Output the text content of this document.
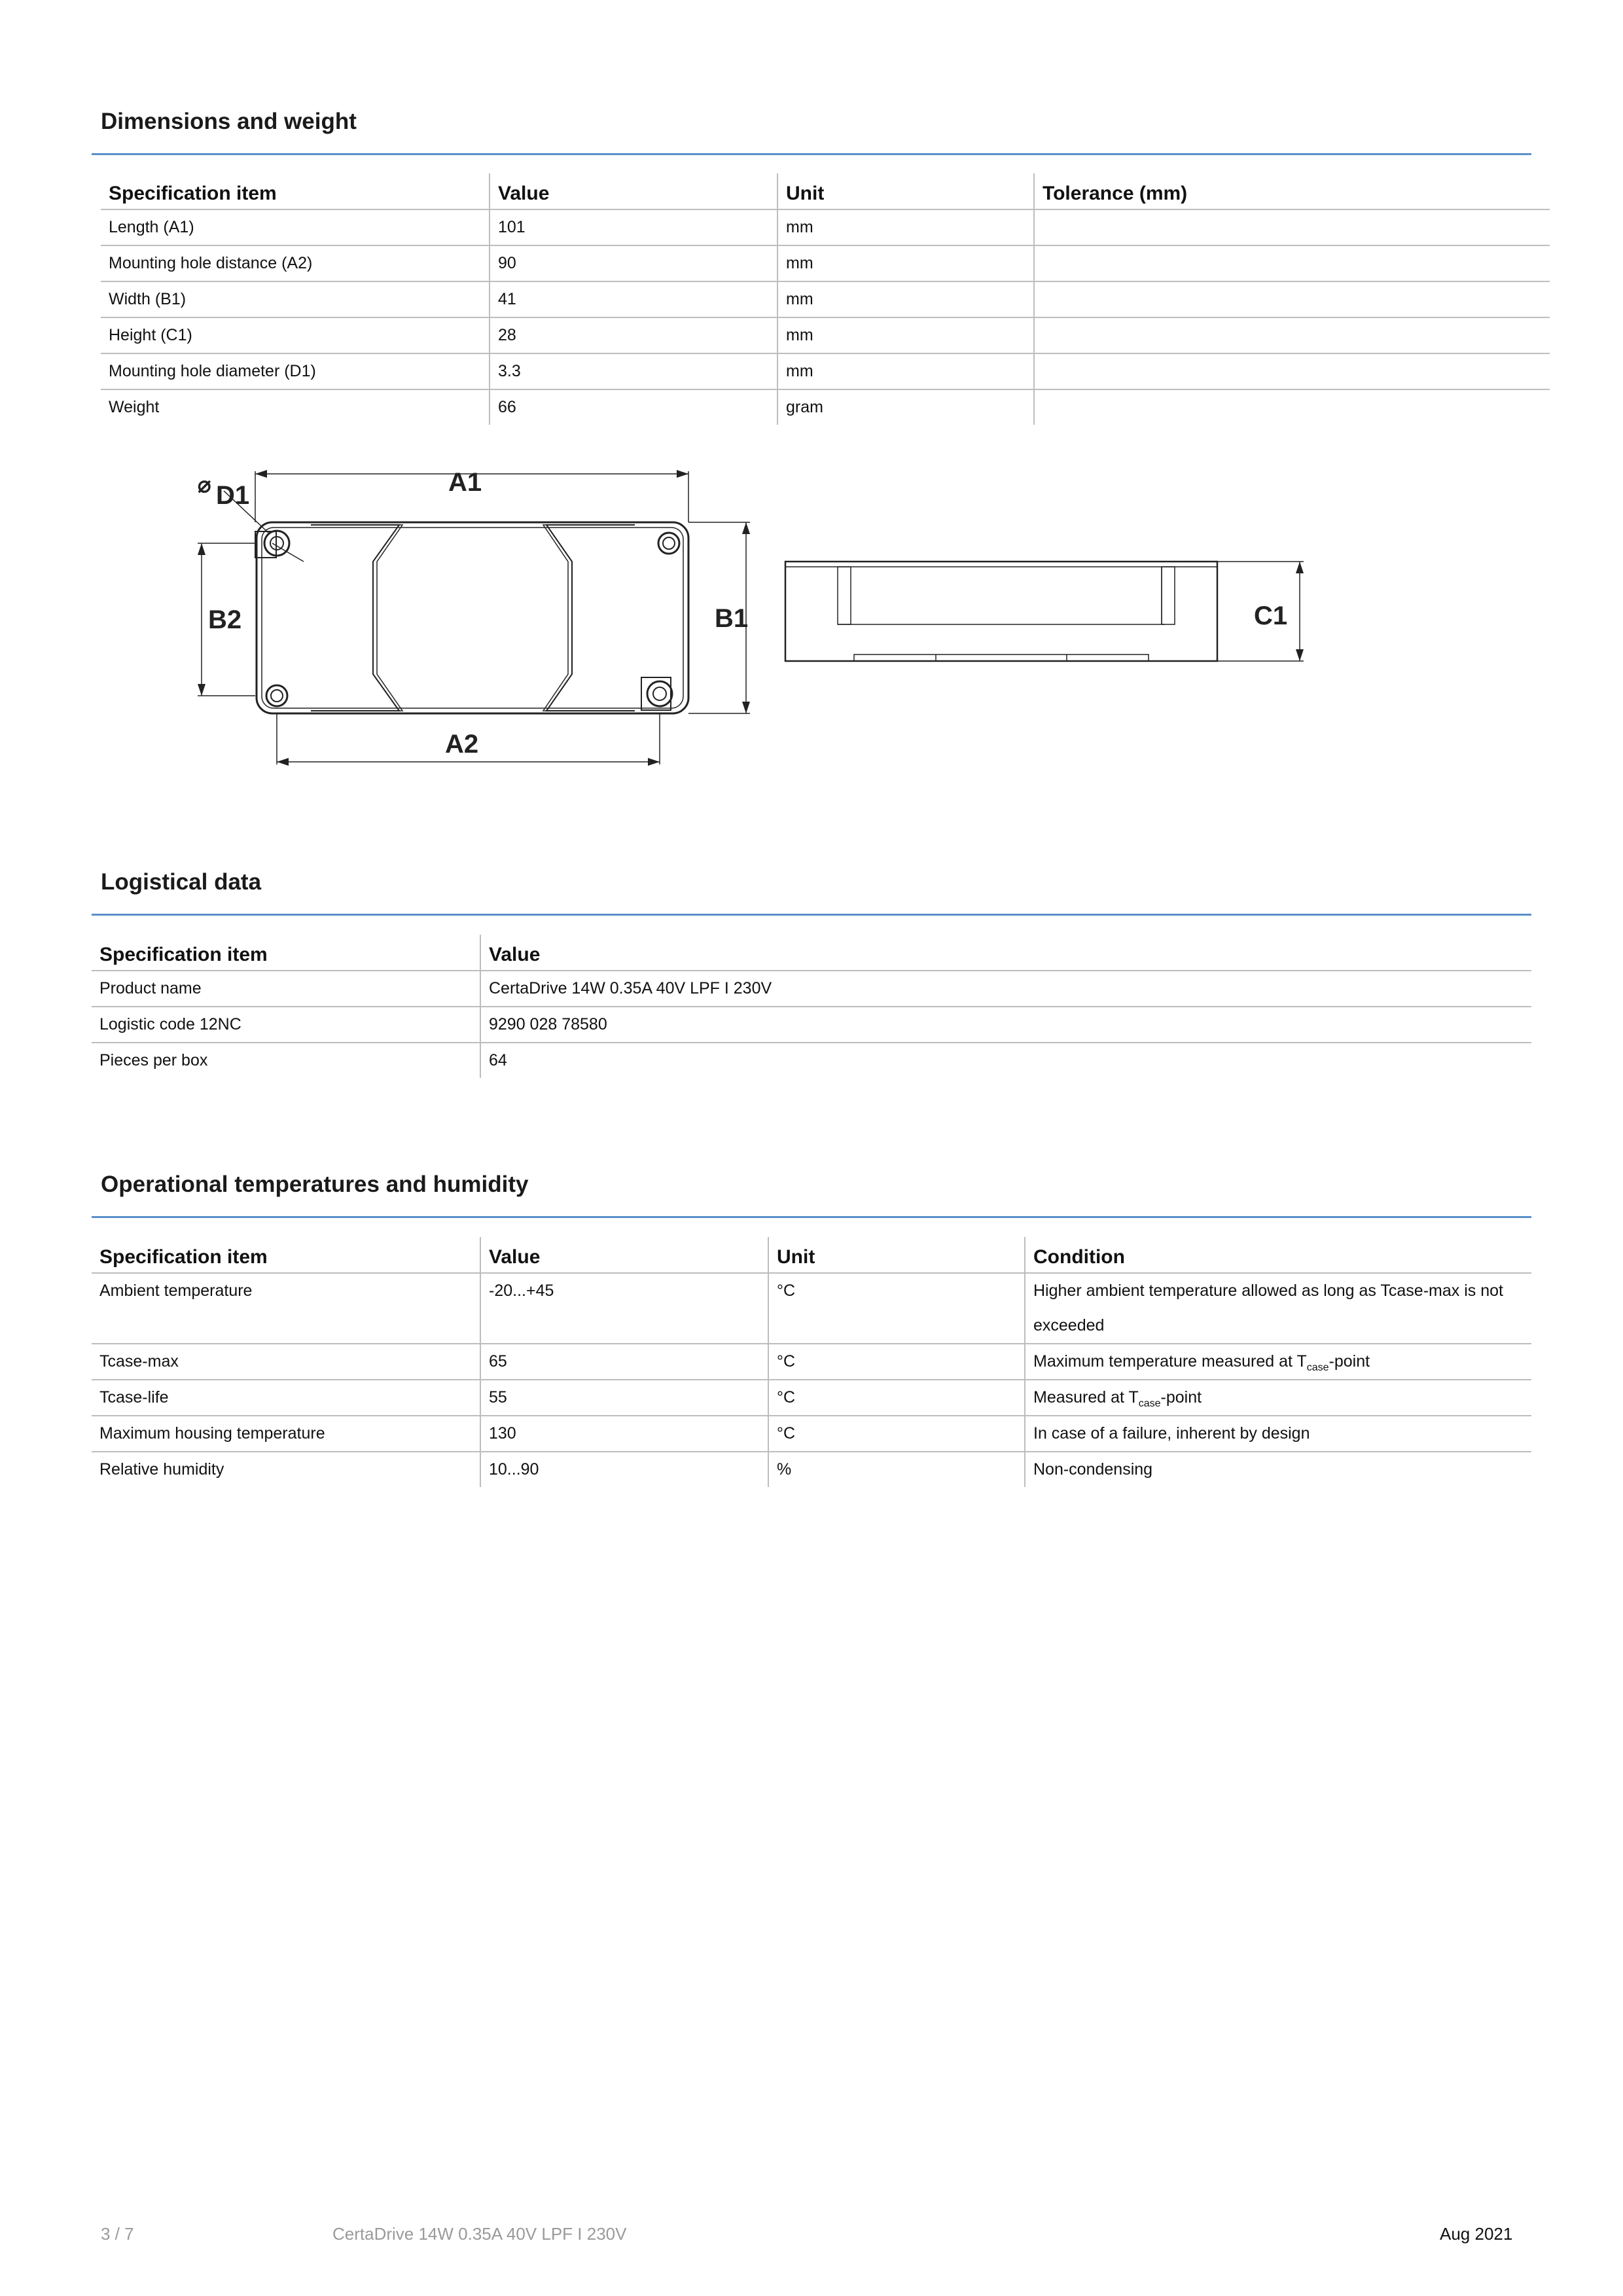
Dimensions and weight
Specification item	Value	Unit	Tolerance (mm)
Length (A1)	101	mm	
Mounting hole distance (A2)	90	mm	
Width (B1)	41	mm	
Height (C1)	28	mm	
Mounting hole diameter (D1)	3.3	mm	
Weight	66	gram	
⌀ D1	A1
A2
B1
B2	C1
Logistical data
Specification item	Value
Product name	CertaDrive 14W 0.35A 40V LPF I 230V
Logistic code 12NC	9290 028 78580
Pieces per box	64
Operational temperatures and humidity
Specification item	Value	Unit	Condition
Ambient temperature	-20...+45	°C	Higher ambient temperature allowed as long as Tcase-max is not exceeded
Tcase-max	65	°C	Maximum temperature measured at $T_{case}$-point
Tcase-life	55	°C	Measured at $T_{case}$-point
Maximum housing temperature	130	°C	In case of a failure, inherent by design
Relative humidity	10...90	%	Non-condensing
3 / 7	CertaDrive 14W 0.35A 40V LPF I 230V	Aug 2021
